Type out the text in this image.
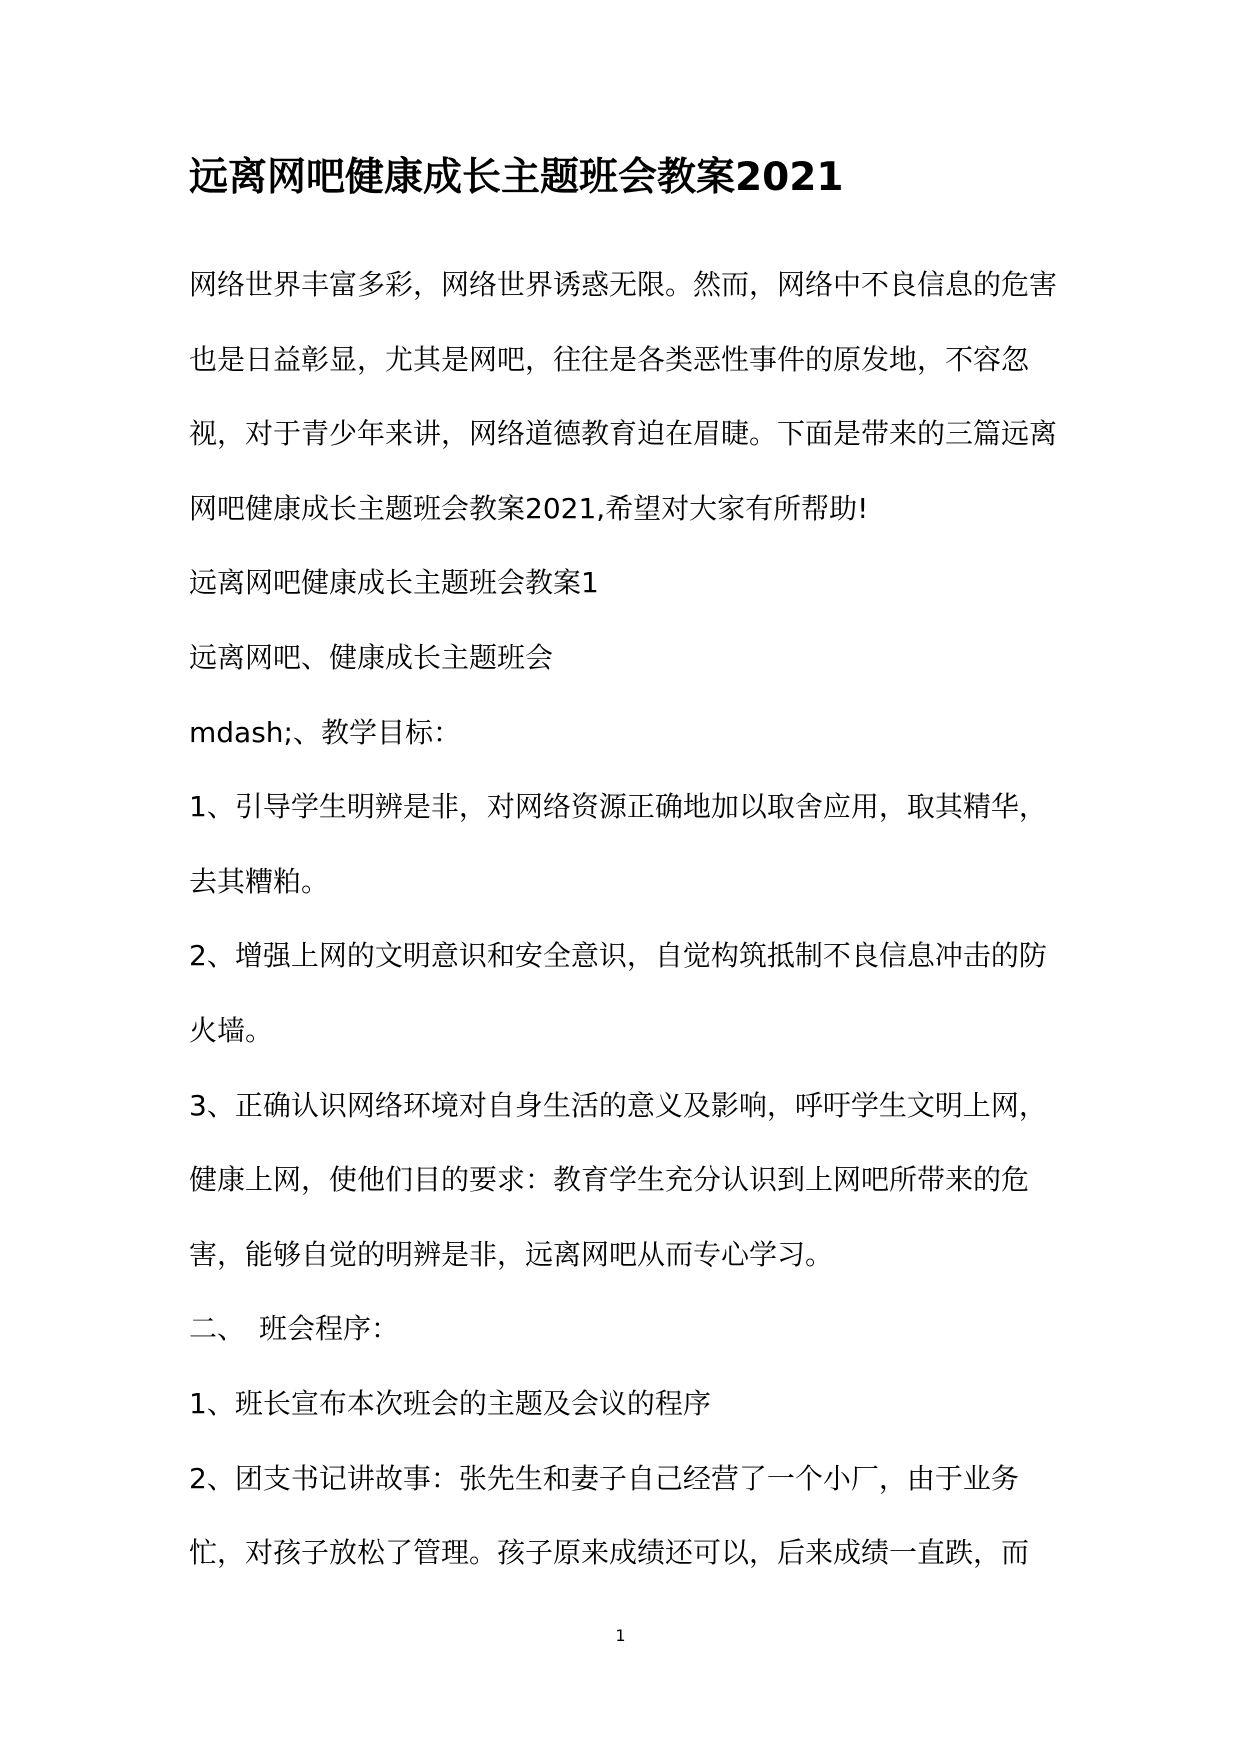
远离网吧健康成长主题班会教案2021

网络世界丰富多彩，网络世界诱惑无限。然而，网络中不良信息的危害也是日益彰显，尤其是网吧，往往是各类恶性事件的原发地，不容忽视，对于青少年来讲，网络道德教育迫在眉睫。下面是带来的三篇远离网吧健康成长主题班会教案2021,希望对大家有所帮助!

远离网吧健康成长主题班会教案1

远离网吧、健康成长主题班会

mdash;、教学目标：

1、引导学生明辨是非，对网络资源正确地加以取舍应用，取其精华，去其糟粕。

2、增强上网的文明意识和安全意识，自觉构筑抵制不良信息冲击的防火墙。

3、正确认识网络环境对自身生活的意义及影响，呼吁学生文明上网，健康上网，使他们目的要求：教育学生充分认识到上网吧所带来的危害，能够自觉的明辨是非，远离网吧从而专心学习。

二、　班会程序：

1、班长宣布本次班会的主题及会议的程序

2、团支书记讲故事：张先生和妻子自己经营了一个小厂，由于业务忙，对孩子放松了管理。孩子原来成绩还可以，后来成绩一直跌，而

1
